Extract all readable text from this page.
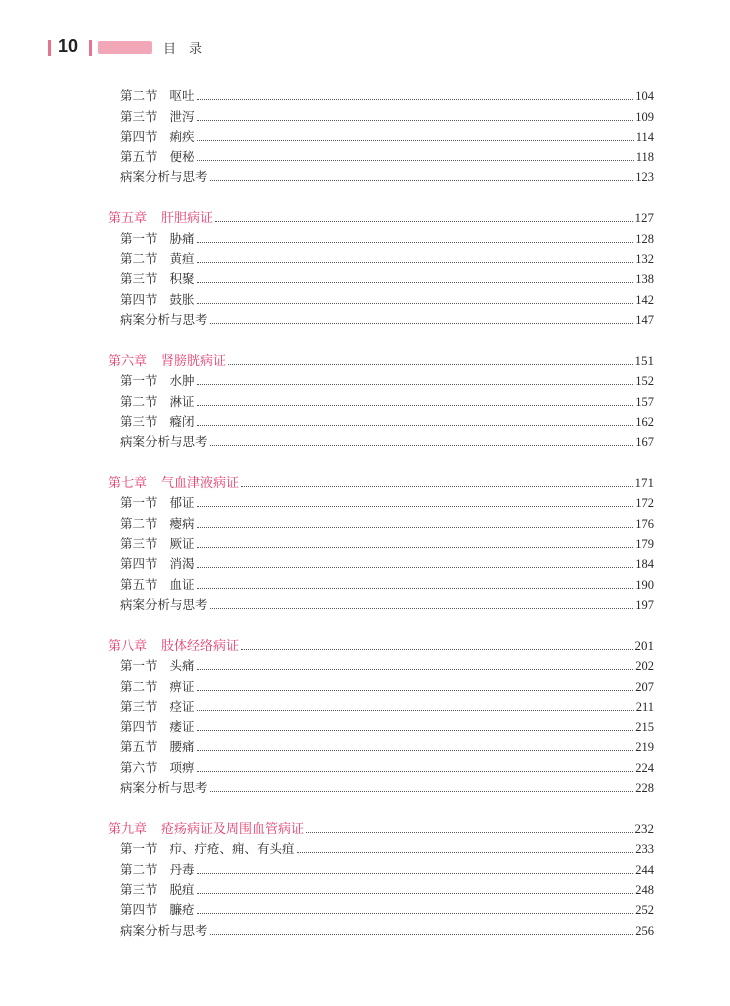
10	目　录
第二节 呕吐	104
第三节 泄泻	109
第四节 痢疾	114
第五节 便秘	118
病案分析与思考	123
第五章 肝胆病证	127
第一节 胁痛	128
第二节 黄疸	132
第三节 积聚	138
第四节 鼓胀	142
病案分析与思考	147
第六章 肾膀胱病证	151
第一节 水肿	152
第二节 淋证	157
第三节 癃闭	162
病案分析与思考	167
第七章 气血津液病证	171
第一节 郁证	172
第二节 瘿病	176
第三节 厥证	179
第四节 消渴	184
第五节 血证	190
病案分析与思考	197
第八章 肢体经络病证	201
第一节 头痛	202
第二节 痹证	207
第三节 痉证	211
第四节 痿证	215
第五节 腰痛	219
第六节 项痹	224
病案分析与思考	228
第九章 疮疡病证及周围血管病证	232
第一节 疖、疔疮、痈、有头疽	233
第二节 丹毒	244
第三节 脱疽	248
第四节 臁疮	252
病案分析与思考	256
